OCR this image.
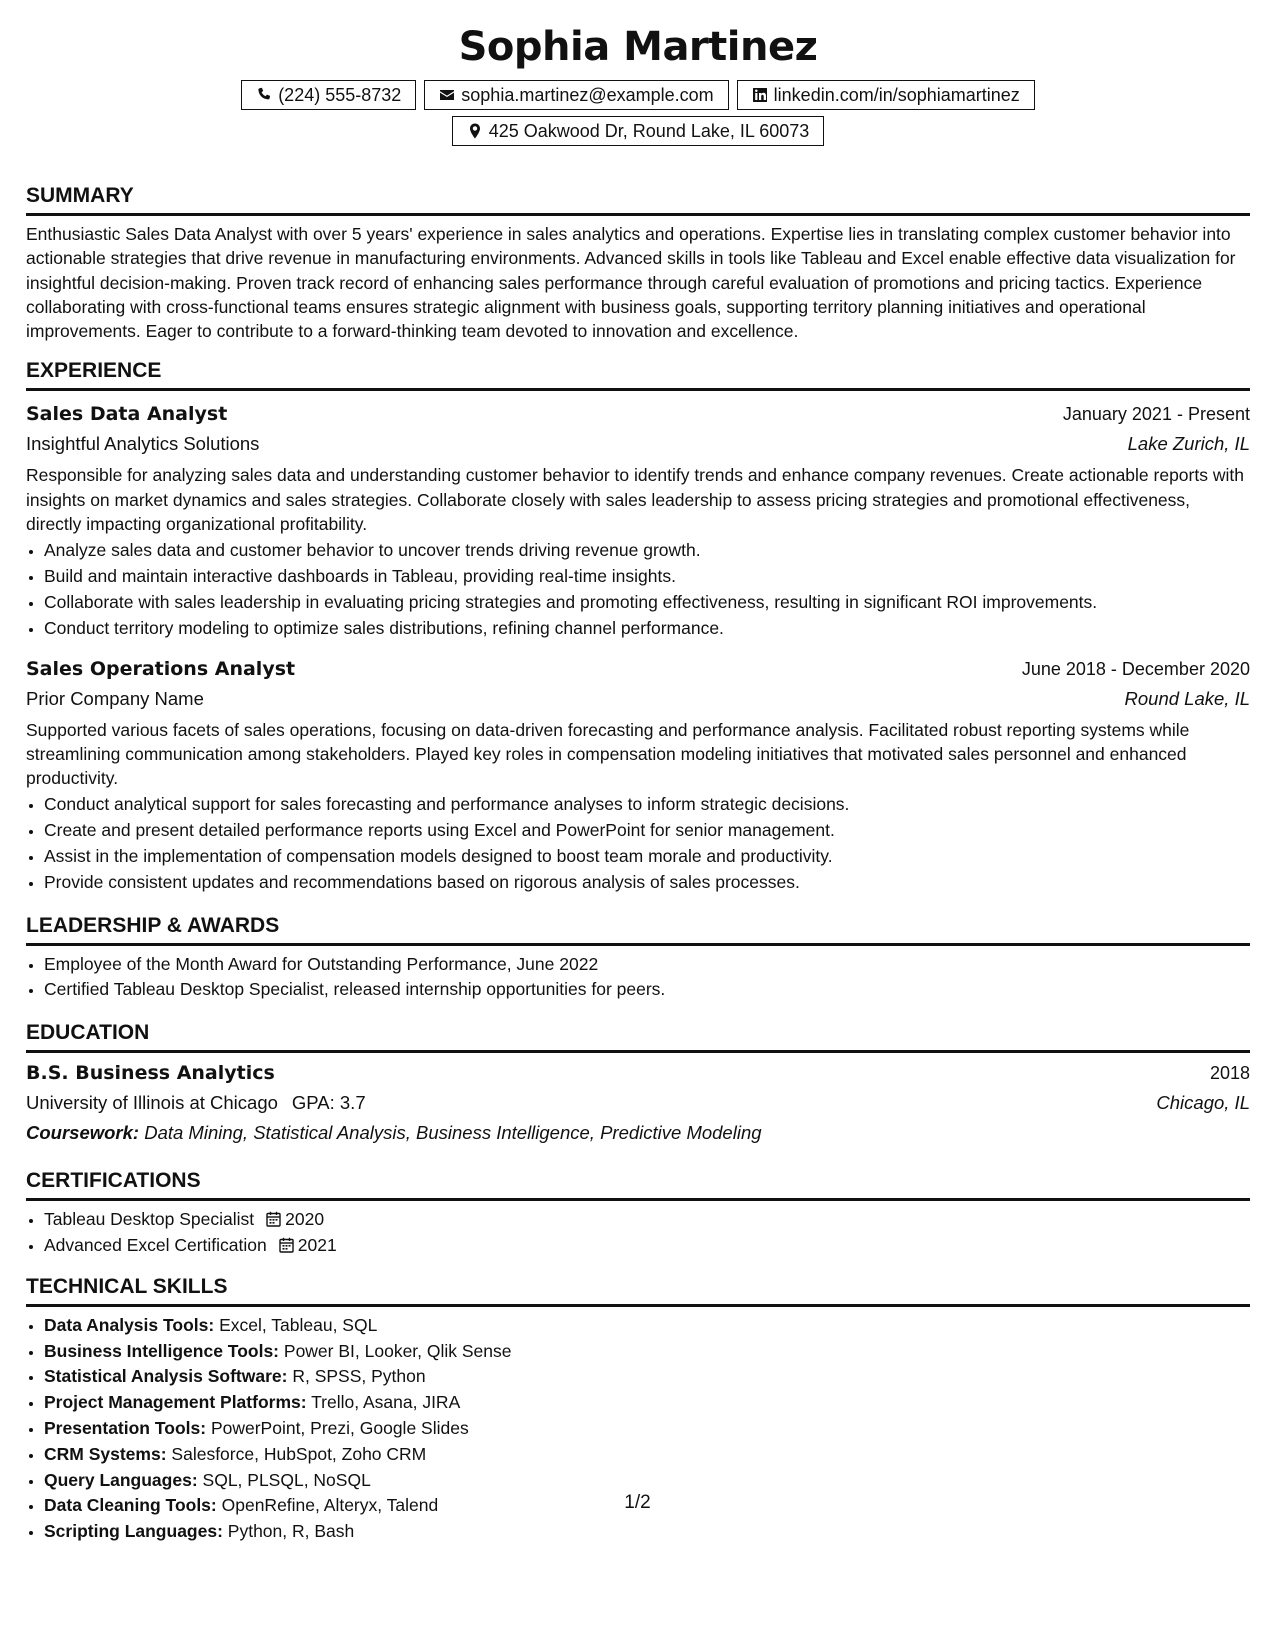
Sophia Martinez
(224) 555-8732	sophia.martinez@example.com	linkedin.com/in/sophiamartinez
425 Oakwood Dr, Round Lake, IL 60073
SUMMARY

Enthusiastic Sales Data Analyst with over 5 years' experience in sales analytics and operations. Expertise lies in translating complex customer behavior into actionable strategies that drive revenue in manufacturing environments. Advanced skills in tools like Tableau and Excel enable effective data visualization for insightful decision-making. Proven track record of enhancing sales performance through careful evaluation of promotions and pricing tactics. Experience collaborating with cross-functional teams ensures strategic alignment with business goals, supporting territory planning initiatives and operational improvements. Eager to contribute to a forward-thinking team devoted to innovation and excellence.

EXPERIENCE
Sales Data Analyst	January 2021 - Present
Insightful Analytics Solutions	Lake Zurich, IL

Responsible for analyzing sales data and understanding customer behavior to identify trends and enhance company revenues. Create actionable reports with insights on market dynamics and sales strategies. Collaborate closely with sales leadership to assess pricing strategies and promotional effectiveness, directly impacting organizational profitability.

• Analyze sales data and customer behavior to uncover trends driving revenue growth.
• Build and maintain interactive dashboards in Tableau, providing real-time insights.
• Collaborate with sales leadership in evaluating pricing strategies and promoting effectiveness, resulting in significant ROI improvements.
• Conduct territory modeling to optimize sales distributions, refining channel performance.
Sales Operations Analyst	June 2018 - December 2020
Prior Company Name	Round Lake, IL

Supported various facets of sales operations, focusing on data-driven forecasting and performance analysis. Facilitated robust reporting systems while streamlining communication among stakeholders. Played key roles in compensation modeling initiatives that motivated sales personnel and enhanced productivity.

• Conduct analytical support for sales forecasting and performance analyses to inform strategic decisions.
• Create and present detailed performance reports using Excel and PowerPoint for senior management.
• Assist in the implementation of compensation models designed to boost team morale and productivity.
• Provide consistent updates and recommendations based on rigorous analysis of sales processes.
LEADERSHIP & AWARDS
• Employee of the Month Award for Outstanding Performance, June 2022
• Certified Tableau Desktop Specialist, released internship opportunities for peers.
EDUCATION
B.S. Business Analytics	2018
University of Illinois at Chicago GPA: 3.7	Chicago, IL
Coursework: Data Mining, Statistical Analysis, Business Intelligence, Predictive Modeling
CERTIFICATIONS
• Tableau Desktop Specialist 2020
• Advanced Excel Certification 2021
TECHNICAL SKILLS
• Data Analysis Tools: Excel, Tableau, SQL
• Business Intelligence Tools: Power BI, Looker, Qlik Sense
• Statistical Analysis Software: R, SPSS, Python
• Project Management Platforms: Trello, Asana, JIRA
• Presentation Tools: PowerPoint, Prezi, Google Slides
• CRM Systems: Salesforce, HubSpot, Zoho CRM
• Query Languages: SQL, PLSQL, NoSQL
• Data Cleaning Tools: OpenRefine, Alteryx, Talend
• Scripting Languages: Python, R, Bash
1/2
